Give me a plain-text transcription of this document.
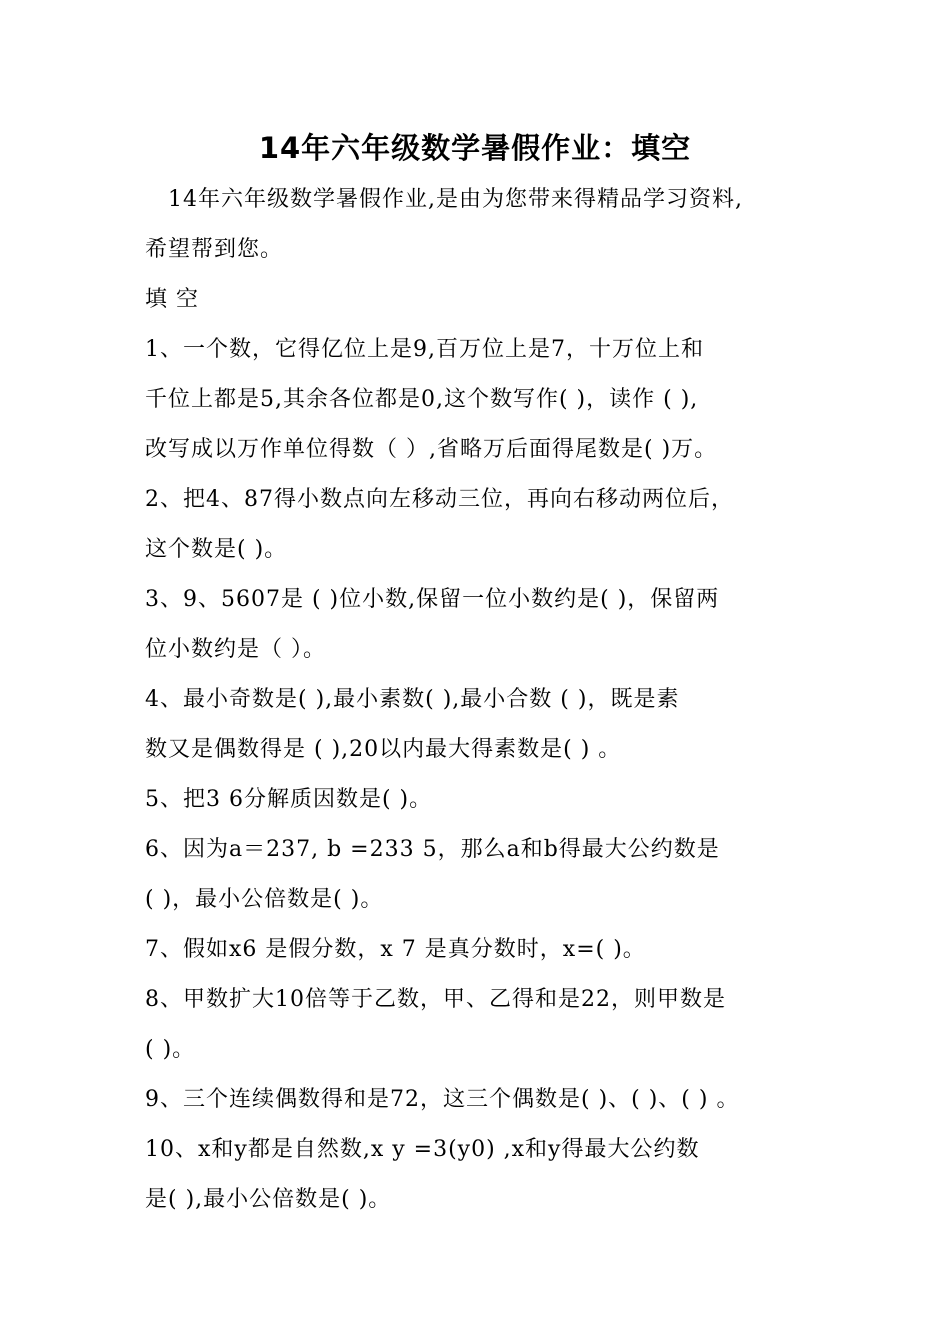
14年六年级数学暑假作业：填空
　14年六年级数学暑假作业,是由为您带来得精品学习资料,
希望帮到您。
填 空
1、一个数，它得亿位上是9,百万位上是7，十万位上和
千位上都是5,其余各位都是0,这个数写作( )，读作 ( ),
改写成以万作单位得数（ ）,省略万后面得尾数是( )万。
2、把4、87得小数点向左移动三位，再向右移动两位后，
这个数是( )。
3、9、5607是 ( )位小数,保留一位小数约是( )，保留两
位小数约是（ ）。
4、最小奇数是( ),最小素数( ),最小合数 ( )，既是素
数又是偶数得是 ( ),20以内最大得素数是( ) 。
5、把3 6分解质因数是( )。
6、因为a＝237, b =233 5，那么a和b得最大公约数是
( )，最小公倍数是( )。
7、假如x6 是假分数，x 7 是真分数时，x=( )。
8、甲数扩大10倍等于乙数，甲、乙得和是22，则甲数是
( )。
9、三个连续偶数得和是72，这三个偶数是( )、( )、( ) 。
10、x和y都是自然数,x y =3(y0) ,x和y得最大公约数
是( ),最小公倍数是( )。
